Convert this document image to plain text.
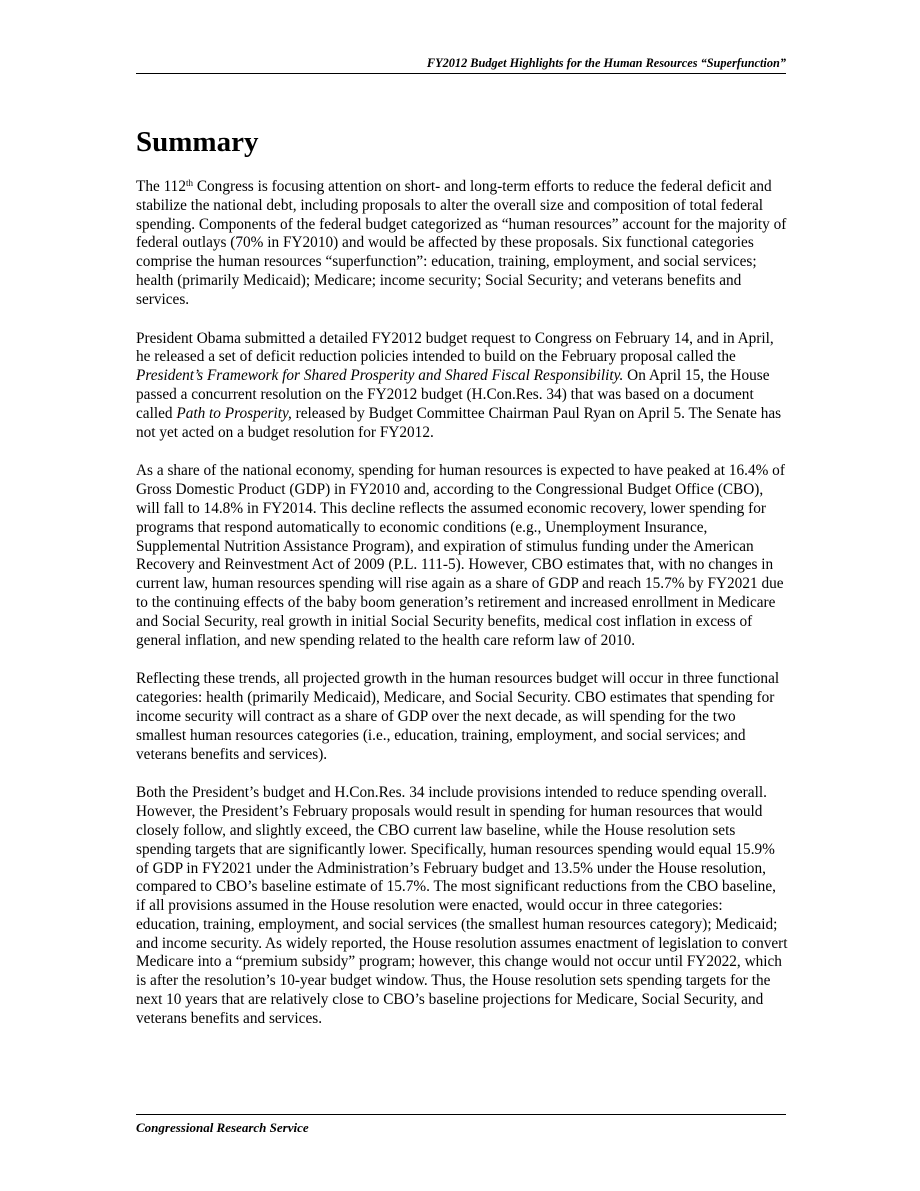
FY2012 Budget Highlights for the Human Resources “Superfunction”
Summary

The 112th Congress is focusing attention on short- and long-term efforts to reduce the federal deficit and stabilize the national debt, including proposals to alter the overall size and composition of total federal spending. Components of the federal budget categorized as “human resources” account for the majority of federal outlays (70% in FY2010) and would be affected by these proposals. Six functional categories comprise the human resources “superfunction”: education, training, employment, and social services; health (primarily Medicaid); Medicare; income security; Social Security; and veterans benefits and services.

President Obama submitted a detailed FY2012 budget request to Congress on February 14, and in April, he released a set of deficit reduction policies intended to build on the February proposal called the President’s Framework for Shared Prosperity and Shared Fiscal Responsibility. On April 15, the House passed a concurrent resolution on the FY2012 budget (H.Con.Res. 34) that was based on a document called Path to Prosperity, released by Budget Committee Chairman Paul Ryan on April 5. The Senate has not yet acted on a budget resolution for FY2012.

As a share of the national economy, spending for human resources is expected to have peaked at 16.4% of Gross Domestic Product (GDP) in FY2010 and, according to the Congressional Budget Office (CBO), will fall to 14.8% in FY2014. This decline reflects the assumed economic recovery, lower spending for programs that respond automatically to economic conditions (e.g., Unemployment Insurance, Supplemental Nutrition Assistance Program), and expiration of stimulus funding under the American Recovery and Reinvestment Act of 2009 (P.L. 111-5). However, CBO estimates that, with no changes in current law, human resources spending will rise again as a share of GDP and reach 15.7% by FY2021 due to the continuing effects of the baby boom generation’s retirement and increased enrollment in Medicare and Social Security, real growth in initial Social Security benefits, medical cost inflation in excess of general inflation, and new spending related to the health care reform law of 2010.

Reflecting these trends, all projected growth in the human resources budget will occur in three functional categories: health (primarily Medicaid), Medicare, and Social Security. CBO estimates that spending for income security will contract as a share of GDP over the next decade, as will spending for the two smallest human resources categories (i.e., education, training, employment, and social services; and veterans benefits and services).

Both the President’s budget and H.Con.Res. 34 include provisions intended to reduce spending overall. However, the President’s February proposals would result in spending for human resources that would closely follow, and slightly exceed, the CBO current law baseline, while the House resolution sets spending targets that are significantly lower. Specifically, human resources spending would equal 15.9% of GDP in FY2021 under the Administration’s February budget and 13.5% under the House resolution, compared to CBO’s baseline estimate of 15.7%. The most significant reductions from the CBO baseline, if all provisions assumed in the House resolution were enacted, would occur in three categories: education, training, employment, and social services (the smallest human resources category); Medicaid; and income security. As widely reported, the House resolution assumes enactment of legislation to convert Medicare into a “premium subsidy” program; however, this change would not occur until FY2022, which is after the resolution’s 10-year budget window. Thus, the House resolution sets spending targets for the next 10 years that are relatively close to CBO’s baseline projections for Medicare, Social Security, and veterans benefits and services.

Congressional Research Service
